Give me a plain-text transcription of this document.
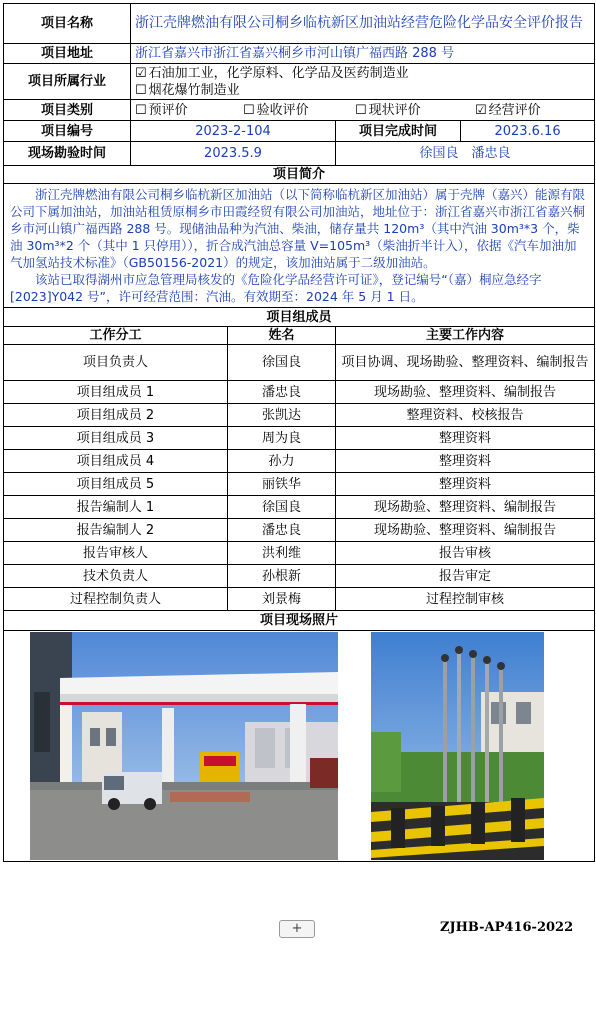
项目名称	浙江壳牌燃油有限公司桐乡临杭新区加油站经营危险化学品安全评价报告			
项目地址	浙江省嘉兴市浙江省嘉兴桐乡市河山镇广福西路 288 号			
项目所属行业	☑ 石油加工业，化学原料、化学品及医药制造业
☐ 烟花爆竹制造业			

项目类别	☐ 预评价 ☐ 验收评价 ☐ 现状评价 ☑ 经营评价			
项目编号	2023-2-104		项目完成时间	2023.6.16
现场勘验时间	2023.5.9		徐国良　潘忠良	
项目简介				

浙江壳牌燃油有限公司桐乡临杭新区加油站（以下简称临杭新区加油站）属于壳牌（嘉兴）能源有限公司下属加油站，加油站租赁原桐乡市田霞经贸有限公司加油站，地址位于：浙江省嘉兴市浙江省嘉兴桐乡市河山镇广福西路 288 号。现储油品种为汽油、柴油，储存量共 120m³（其中汽油 30m³*3 个，柴油 30m³*2 个（其中 1 只停用）），折合成汽油总容量 V=105m³（柴油折半计入），依据《汽车加油加气加氢站技术标准》（GB50156-2021）的规定，该加油站属于二级加油站。

该站已取得湖州市应急管理局核发的《危险化学品经营许可证》，登记编号“（嘉）桐应急经字[2023]Y042 号”，许可经营范围：汽油。有效期至：2024 年 5 月 1 日。				

项目组成员				
工作分工		姓名	主要工作内容	
项目负责人		徐国良	项目协调、现场勘验、整理资料、编制报告	
项目组成员 1		潘忠良	现场勘验、整理资料、编制报告	
项目组成员 2		张凯达	整理资料、校核报告	
项目组成员 3		周为良	整理资料	
项目组成员 4		孙力	整理资料	
项目组成员 5		丽铁华	整理资料	
报告编制人 1		徐国良	现场勘验、整理资料、编制报告	
报告编制人 2		潘忠良	现场勘验、整理资料、编制报告	
报告审核人		洪利维	报告审核	
技术负责人		孙根新	报告审定	
过程控制负责人		刘景梅	过程控制审核	
项目现场照片				

+	ZJHB-AP416-2022
